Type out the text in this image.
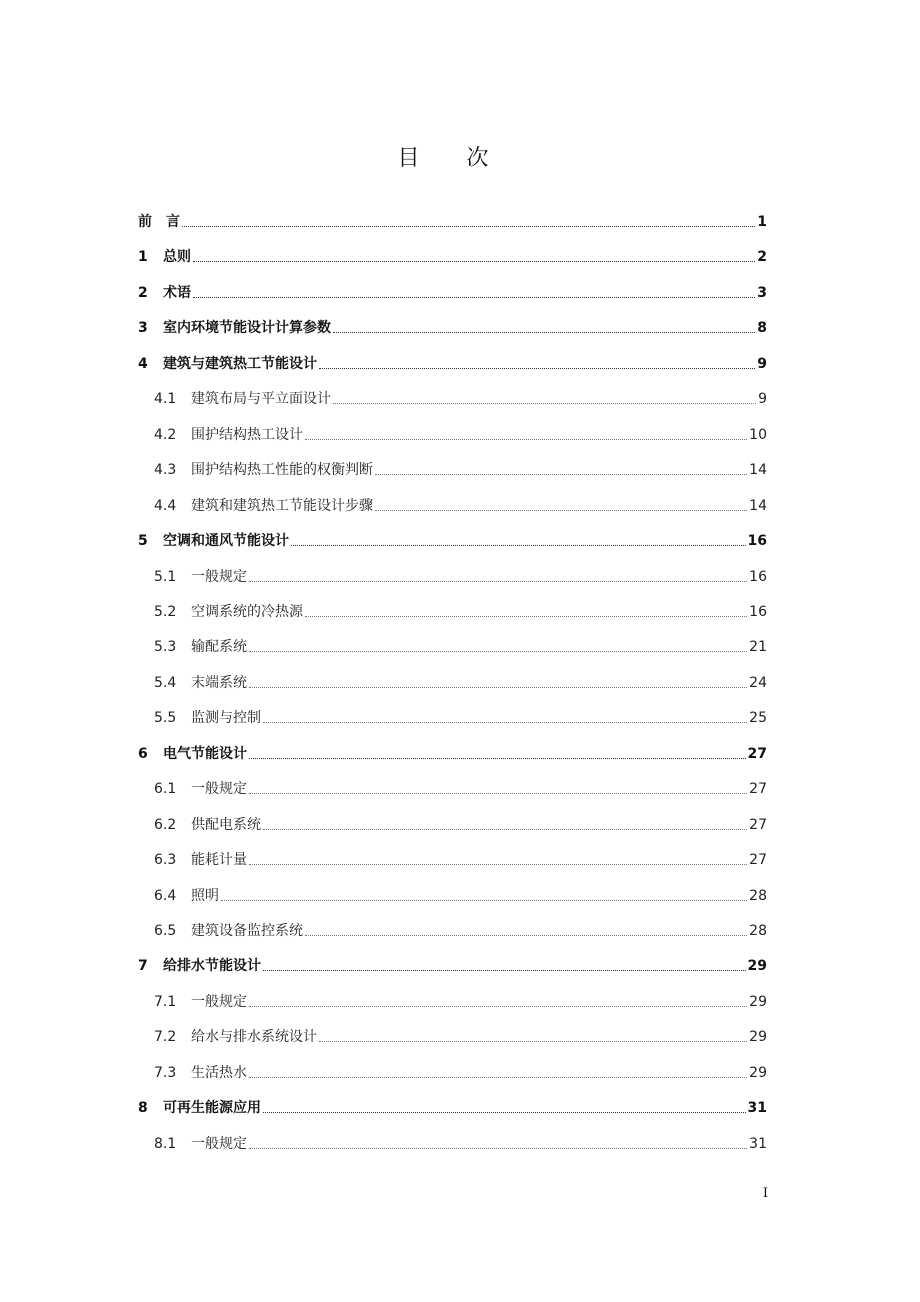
目 次
前　言	1
1	总则	2
2	术语	3
3	室内环境节能设计计算参数	8
4	建筑与建筑热工节能设计	9
4.1	建筑布局与平立面设计	9
4.2	围护结构热工设计	10
4.3	围护结构热工性能的权衡判断	14
4.4	建筑和建筑热工节能设计步骤	14
5	空调和通风节能设计	16
5.1	一般规定	16
5.2	空调系统的冷热源	16
5.3	输配系统	21
5.4	末端系统	24
5.5	监测与控制	25
6	电气节能设计	27
6.1	一般规定	27
6.2	供配电系统	27
6.3	能耗计量	27
6.4	照明	28
6.5	建筑设备监控系统	28
7	给排水节能设计	29
7.1	一般规定	29
7.2	给水与排水系统设计	29
7.3	生活热水	29
8	可再生能源应用	31
8.1	一般规定	31
I
